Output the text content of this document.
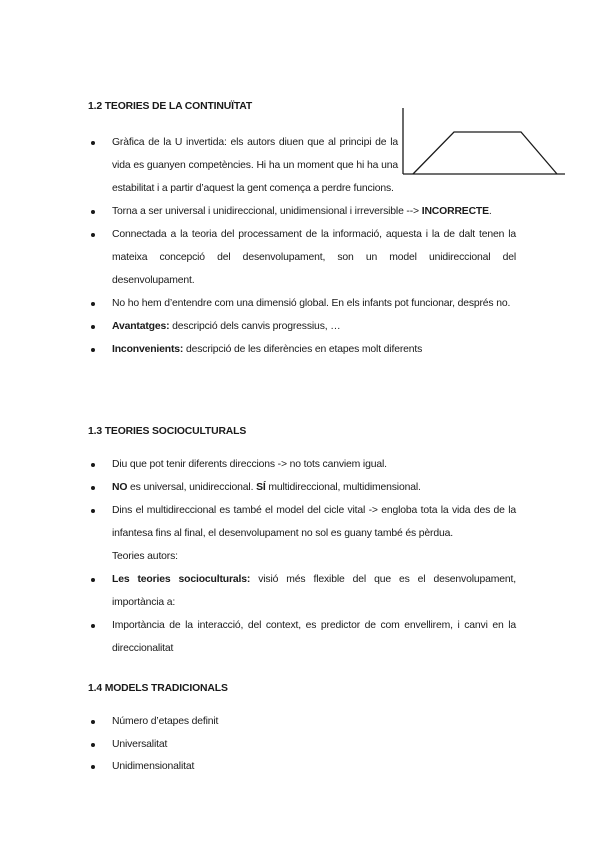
1.2 TEORIES DE LA CONTINUÏTAT
Gràfica de la U invertida: els autors diuen que al principi de la vida es guanyen competències. Hi ha un moment que hi ha una estabilitat i a partir d’aquest la gent comença a perdre funcions.
Torna a ser universal i unidireccional, unidimensional i irreversible --> INCORRECTE.
Connectada a la teoria del processament de la informació, aquesta i la de dalt tenen la mateixa concepció del desenvolupament, son un model unidireccional del desenvolupament.
No ho hem d’entendre com una dimensió global. En els infants pot funcionar, després no.
Avantatges: descripció dels canvis progressius, …
Inconvenients: descripció de les diferències en etapes molt diferents
1.3 TEORIES SOCIOCULTURALS
Diu que pot tenir diferents direccions -> no tots canviem igual.
NO es universal, unidireccional. SÍ multidireccional, multidimensional.
Dins el multidireccional es també el model del cicle vital -> engloba tota la vida des de la infantesa fins al final, el desenvolupament no sol es guany també és pèrdua.
Teories autors:
Les teories socioculturals: visió més flexible del que es el desenvolupament, importància a:
Importància de la interacció, del context, es predictor de com envellirem, i canvi en la direccionalitat
1.4 MODELS TRADICIONALS
Número d’etapes definit
Universalitat
Unidimensionalitat
